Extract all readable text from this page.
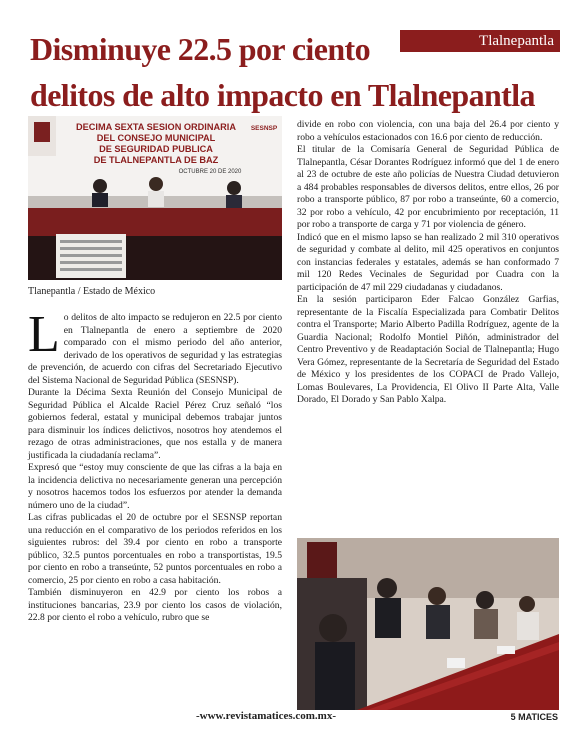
Tlalnepantla
Disminuye 22.5 por ciento
delitos de alto impacto en Tlalnepantla
DECIMA SEXTA SESION ORDINARIA
DEL CONSEJO MUNICIPAL
DE SEGURIDAD PUBLICA
DE TLALNEPANTLA DE BAZ
OCTUBRE 20 DE 2020
SESNSP
Tlanepantla / Estado de México

Lo delitos de alto impacto se redujeron en 22.5 por ciento en Tlalnepantla de enero a septiembre de 2020 comparado con el mismo periodo del año anterior, derivado de los operativos de seguridad y las estrategias de prevención, de acuerdo con cifras del Secretariado Ejecutivo del Sistema Nacional de Seguridad Pública (SESNSP).

Durante la Décima Sexta Reunión del Consejo Municipal de Seguridad Pública el Alcalde Raciel Pérez Cruz señaló “los gobiernos federal, estatal y municipal debemos trabajar juntos para disminuir los índices delictivos, nosotros hoy atendemos el rezago de otras administraciones, que nos estalla y de manera justificada la ciudadanía reclama”.

Expresó que “estoy muy consciente de que las cifras a la baja en la incidencia delictiva no necesariamente generan una percepción y nosotros hacemos todos los esfuerzos por atender la demanda número uno de la ciudad”.

Las cifras publicadas el 20 de octubre por el SESNSP reportan una reducción en el comparativo de los periodos referidos en los siguientes rubros: del 39.4 por ciento en robo a transporte público, 32.5 puntos porcentuales en robo a transportistas, 19.5 por ciento en robo a transeúnte, 52 puntos porcentuales en robo a comercio, 25 por ciento en robo a casa habitación.

También disminuyeron en 42.9 por ciento los robos a instituciones bancarias, 23.9 por ciento los casos de violación, 22.8 por ciento el robo a vehículo, rubro que se

divide en robo con violencia, con una baja del 26.4 por ciento y robo a vehículos estacionados con 16.6 por ciento de reducción.

El titular de la Comisaría General de Seguridad Pública de Tlalnepantla, César Dorantes Rodríguez informó que del 1 de enero al 23 de octubre de este año policías de Nuestra Ciudad detuvieron a 484 probables responsables de diversos delitos, entre ellos, 26 por robo a transporte público, 87 por robo a transeúnte, 60 a comercio, 32 por robo a vehículo, 42 por encubrimiento por receptación, 11 por robo a transporte de carga y 71 por violencia de género.

Indicó que en el mismo lapso se han realizado 2 mil 310 operativos de seguridad y combate al delito, mil 425 operativos en conjuntos con instancias federales y estatales, además se han conformado 7 mil 120 Redes Vecinales de Seguridad por Cuadra con la participación de 47 mil 229 ciudadanas y ciudadanos.

En la sesión participaron Eder Falcao González Garfias, representante de la Fiscalía Especializada para Combatir Delitos contra el Transporte; Mario Alberto Padilla Rodríguez, agente de la Guardia Nacional; Rodolfo Montiel Piñón, administrador del Centro Preventivo y de Readaptación Social de Tlalnepantla; Hugo Vera Gómez, representante de la Secretaría de Seguridad del Estado de México y los presidentes de los COPACI de Prado Vallejo, Lomas Boulevares, La Providencia, El Olivo II Parte Alta, Valle Dorado, El Dorado y San Pablo Xalpa.

-www.revistamatices.com.mx-	5 MATICES
